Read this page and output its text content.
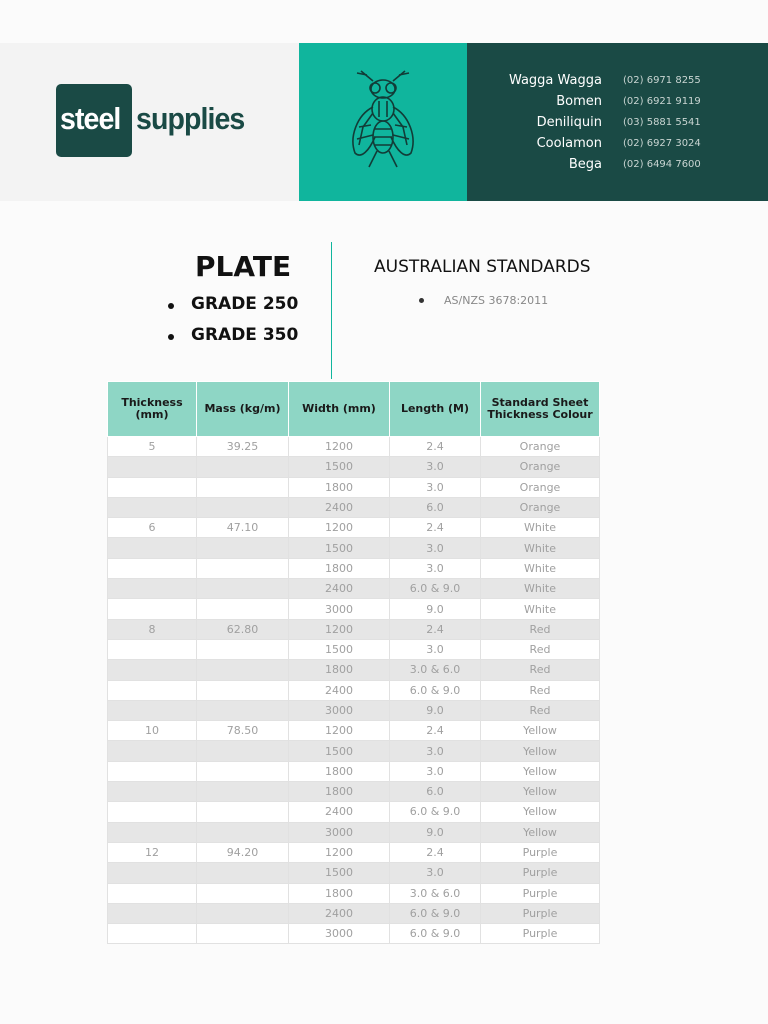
steel supplies
Wagga Wagga (02) 6971 8255
Bomen (02) 6921 9119
Deniliquin (03) 5881 5541
Coolamon (02) 6927 3024
Bega (02) 6494 7600
PLATE
GRADE 250
GRADE 350
AUSTRALIAN STANDARDS
AS/NZS 3678:2011
Thickness (mm)	Mass (kg/m)	Width (mm)	Length (M)	Standard Sheet Thickness Colour
5	39.25	1200	2.4	Orange
		1500	3.0	Orange
		1800	3.0	Orange
		2400	6.0	Orange
6	47.10	1200	2.4	White
		1500	3.0	White
		1800	3.0	White
		2400	6.0 & 9.0	White
		3000	9.0	White
8	62.80	1200	2.4	Red
		1500	3.0	Red
		1800	3.0 & 6.0	Red
		2400	6.0 & 9.0	Red
		3000	9.0	Red
10	78.50	1200	2.4	Yellow
		1500	3.0	Yellow
		1800	3.0	Yellow
		1800	6.0	Yellow
		2400	6.0 & 9.0	Yellow
		3000	9.0	Yellow
12	94.20	1200	2.4	Purple
		1500	3.0	Purple
		1800	3.0 & 6.0	Purple
		2400	6.0 & 9.0	Purple
		3000	6.0 & 9.0	Purple
